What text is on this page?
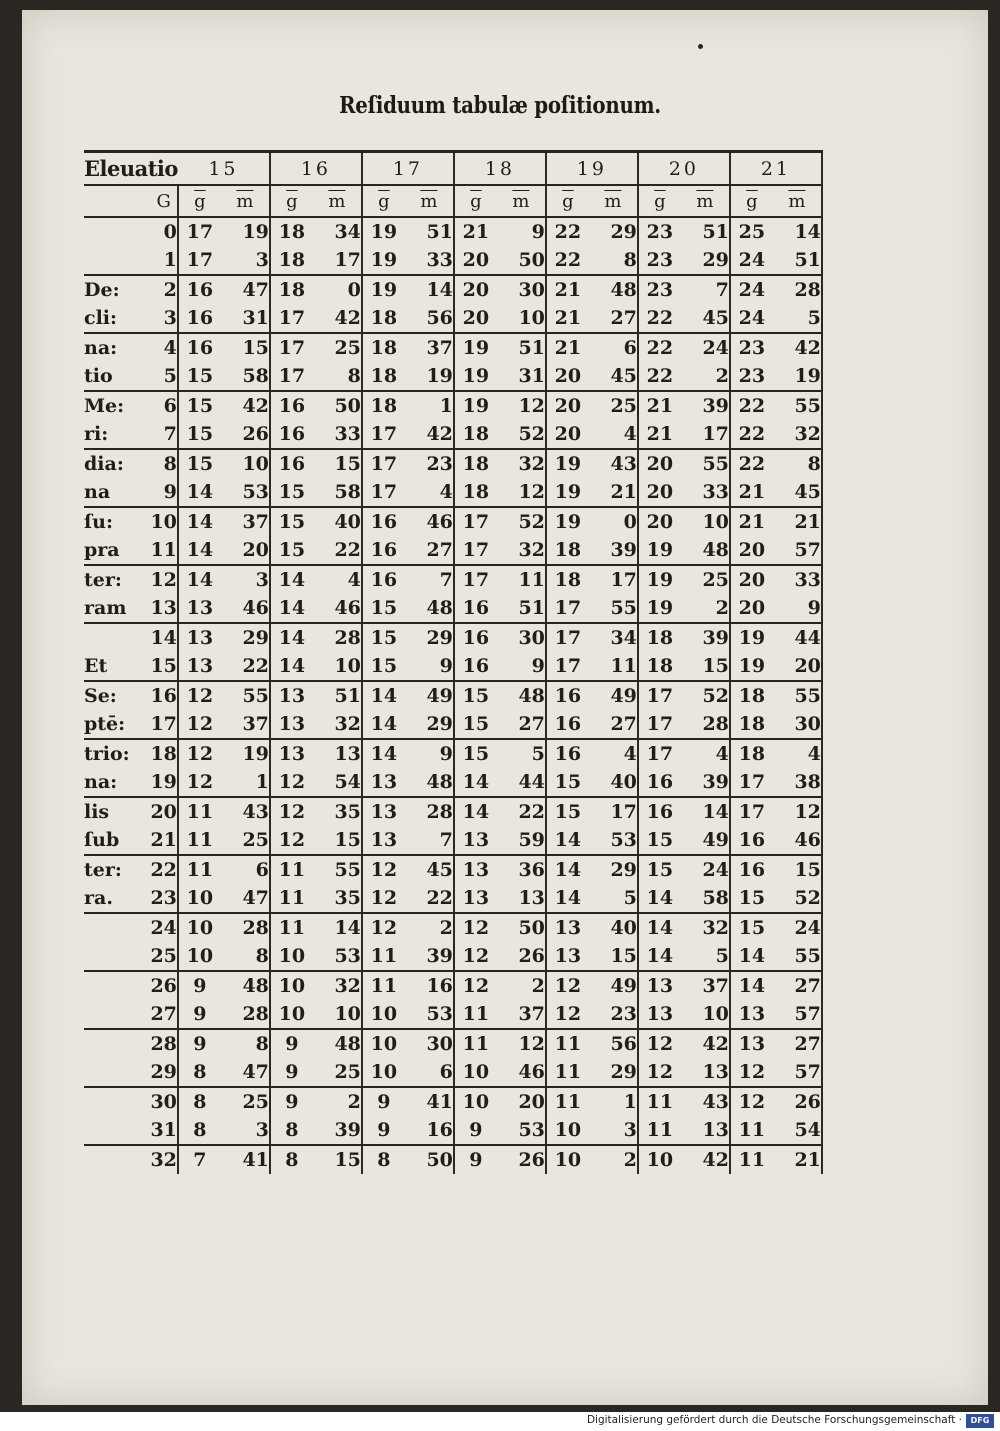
Reſiduum tabulæ poſitionum.
Eleuatio		15		16		17		18		19		20		21	
G		$\overline{g}$	$\overline{m}$	$\overline{g}$	$\overline{m}$	$\overline{g}$	$\overline{m}$	$\overline{g}$	$\overline{m}$	$\overline{g}$	$\overline{m}$	$\overline{g}$	$\overline{m}$	$\overline{g}$	$\overline{m}$
	0	17	19	18	34	19	51	21	9	22	29	23	51	25	14
	1	17	3	18	17	19	33	20	50	22	8	23	29	24	51
De:	2	16	47	18	0	19	14	20	30	21	48	23	7	24	28
cli:	3	16	31	17	42	18	56	20	10	21	27	22	45	24	5
na:	4	16	15	17	25	18	37	19	51	21	6	22	24	23	42
tio	5	15	58	17	8	18	19	19	31	20	45	22	2	23	19
Me:	6	15	42	16	50	18	1	19	12	20	25	21	39	22	55
ri:	7	15	26	16	33	17	42	18	52	20	4	21	17	22	32
dia:	8	15	10	16	15	17	23	18	32	19	43	20	55	22	8
na	9	14	53	15	58	17	4	18	12	19	21	20	33	21	45
ſu:	10	14	37	15	40	16	46	17	52	19	0	20	10	21	21
pra	11	14	20	15	22	16	27	17	32	18	39	19	48	20	57
ter:	12	14	3	14	4	16	7	17	11	18	17	19	25	20	33
ram	13	13	46	14	46	15	48	16	51	17	55	19	2	20	9
	14	13	29	14	28	15	29	16	30	17	34	18	39	19	44
Et	15	13	22	14	10	15	9	16	9	17	11	18	15	19	20
Se:	16	12	55	13	51	14	49	15	48	16	49	17	52	18	55
ptē:	17	12	37	13	32	14	29	15	27	16	27	17	28	18	30
trio:	18	12	19	13	13	14	9	15	5	16	4	17	4	18	4
na:	19	12	1	12	54	13	48	14	44	15	40	16	39	17	38
lis	20	11	43	12	35	13	28	14	22	15	17	16	14	17	12
ſub	21	11	25	12	15	13	7	13	59	14	53	15	49	16	46
ter:	22	11	6	11	55	12	45	13	36	14	29	15	24	16	15
ra.	23	10	47	11	35	12	22	13	13	14	5	14	58	15	52
	24	10	28	11	14	12	2	12	50	13	40	14	32	15	24
	25	10	8	10	53	11	39	12	26	13	15	14	5	14	55
	26	9	48	10	32	11	16	12	2	12	49	13	37	14	27
	27	9	28	10	10	10	53	11	37	12	23	13	10	13	57
	28	9	8	9	48	10	30	11	12	11	56	12	42	13	27
	29	8	47	9	25	10	6	10	46	11	29	12	13	12	57
	30	8	25	9	2	9	41	10	20	11	1	11	43	12	26
	31	8	3	8	39	9	16	9	53	10	3	11	13	11	54
	32	7	41	8	15	8	50	9	26	10	2	10	42	11	21
Digitalisierung gefördert durch die Deutsche Forschungsgemeinschaft ·	DFG
